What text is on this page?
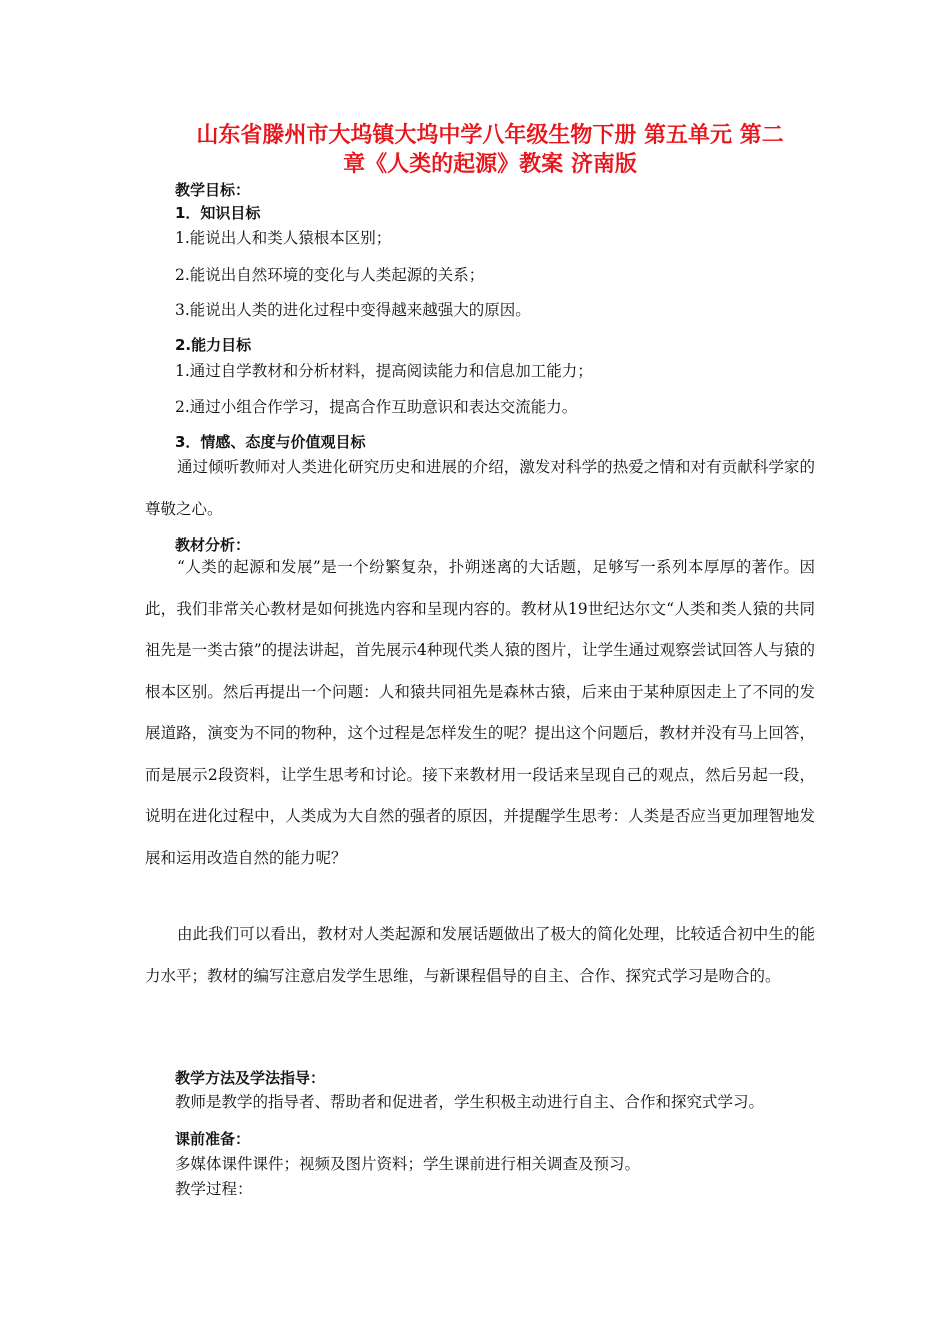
山东省滕州市大坞镇大坞中学八年级生物下册 第五单元 第二
章《人类的起源》教案 济南版
教学目标：
1．知识目标
1.能说出人和类人猿根本区别；
2.能说出自然环境的变化与人类起源的关系；
3.能说出人类的进化过程中变得越来越强大的原因。
2.能力目标
1.通过自学教材和分析材料，提高阅读能力和信息加工能力；
2.通过小组合作学习，提高合作互助意识和表达交流能力。
3．情感、态度与价值观目标

通过倾听教师对人类进化研究历史和进展的介绍，激发对科学的热爱之情和对有贡献科学家的尊敬之心。

教材分析：

“人类的起源和发展”是一个纷繁复杂，扑朔迷离的大话题，足够写一系列本厚厚的著作。因此，我们非常关心教材是如何挑选内容和呈现内容的。教材从19世纪达尔文“人类和类人猿的共同祖先是一类古猿”的提法讲起，首先展示4种现代类人猿的图片，让学生通过观察尝试回答人与猿的根本区别。然后再提出一个问题：人和猿共同祖先是森林古猿，后来由于某种原因走上了不同的发展道路，演变为不同的物种，这个过程是怎样发生的呢？提出这个问题后，教材并没有马上回答，而是展示2段资料，让学生思考和讨论。接下来教材用一段话来呈现自己的观点，然后另起一段，说明在进化过程中，人类成为大自然的强者的原因，并提醒学生思考：人类是否应当更加理智地发展和运用改造自然的能力呢？

由此我们可以看出，教材对人类起源和发展话题做出了极大的简化处理，比较适合初中生的能力水平；教材的编写注意启发学生思维，与新课程倡导的自主、合作、探究式学习是吻合的。

教学方法及学法指导：
教师是教学的指导者、帮助者和促进者，学生积极主动进行自主、合作和探究式学习。
课前准备：
多媒体课件课件；视频及图片资料；学生课前进行相关调查及预习。
教学过程：
